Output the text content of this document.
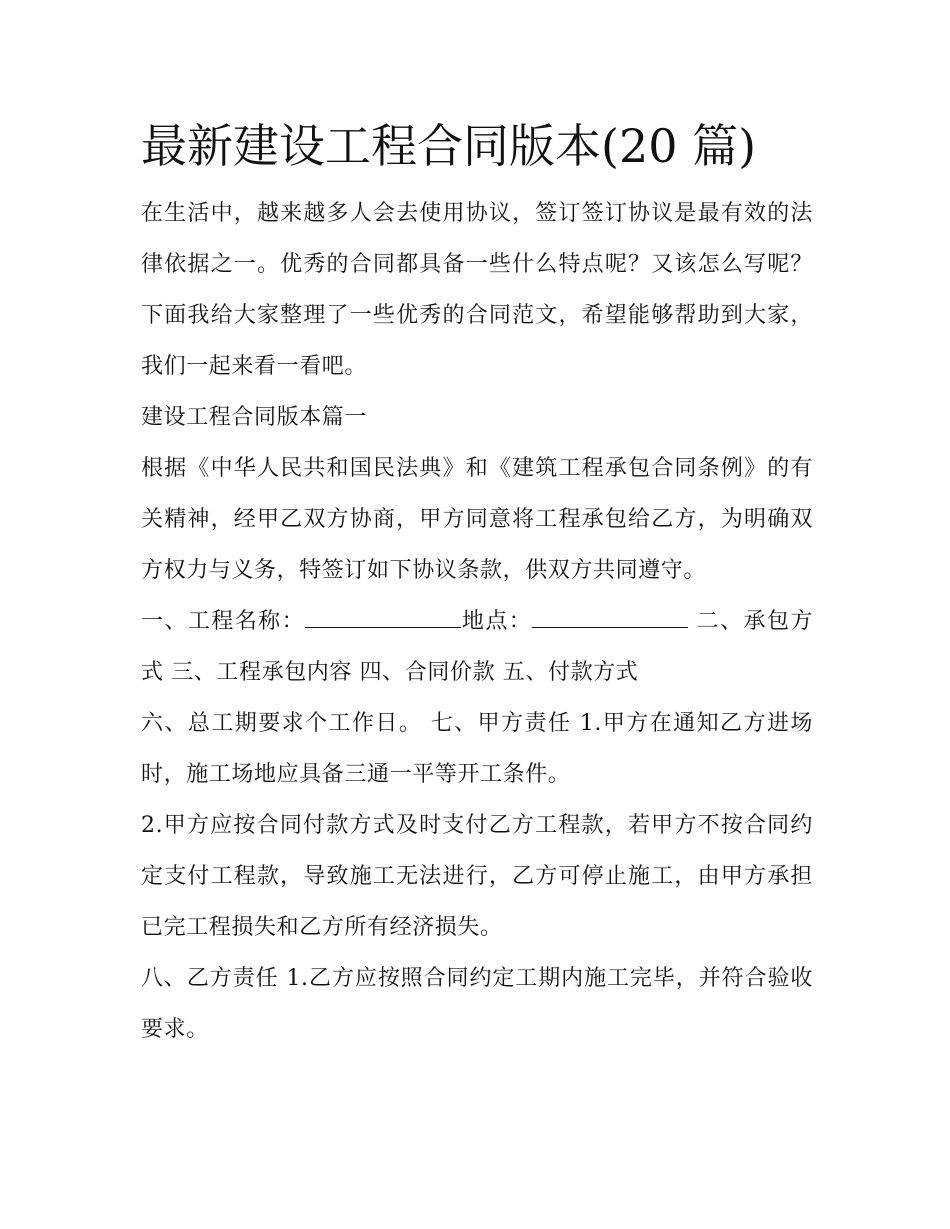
最新建设工程合同版本(20 篇)

在生活中，越来越多人会去使用协议，签订签订协议是最有效的法律依据之一。优秀的合同都具备一些什么特点呢？又该怎么写呢？下面我给大家整理了一些优秀的合同范文，希望能够帮助到大家，我们一起来看一看吧。

建设工程合同版本篇一

根据《中华人民共和国民法典》和《建筑工程承包合同条例》的有关精神，经甲乙双方协商，甲方同意将工程承包给乙方，为明确双方权力与义务，特签订如下协议条款，供双方共同遵守。

一、工程名称：	地点：	二、承包方式 三、工程承包内容 四、合同价款 五、付款方式

六、总工期要求个工作日。 七、甲方责任 1.甲方在通知乙方进场时，施工场地应具备三通一平等开工条件。

2.甲方应按合同付款方式及时支付乙方工程款，若甲方不按合同约定支付工程款，导致施工无法进行，乙方可停止施工，由甲方承担已完工程损失和乙方所有经济损失。

八、乙方责任 1.乙方应按照合同约定工期内施工完毕，并符合验收要求。
